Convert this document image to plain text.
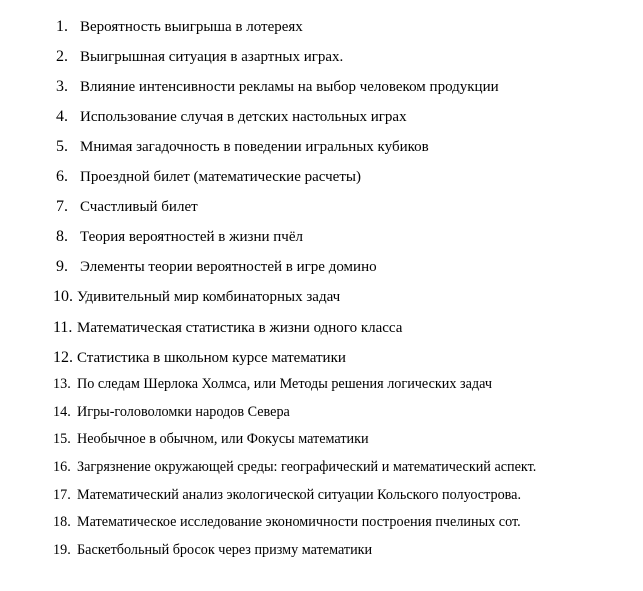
1. Вероятность выигрыша в лотереях
2. Выигрышная ситуация в азартных играх.
3. Влияние интенсивности рекламы на выбор человеком продукции
4. Использование случая в детских настольных играх
5. Мнимая загадочность в поведении игральных кубиков
6. Проездной билет (математические расчеты)
7. Счастливый билет
8. Теория вероятностей в жизни пчёл
9. Элементы теории вероятностей в игре домино
10. Удивительный мир комбинаторных задач
11. Математическая статистика в жизни одного класса
12. Статистика в школьном курсе математики
13. По следам Шерлока Холмса, или Методы решения логических задач
14. Игры-головоломки народов Севера
15. Необычное в обычном, или Фокусы математики
16. Загрязнение окружающей среды: географический и математический аспект.
17. Математический анализ экологической ситуации Кольского полуострова.
18. Математическое исследование экономичности построения пчелиных сот.
19. Баскетбольный бросок через призму математики
